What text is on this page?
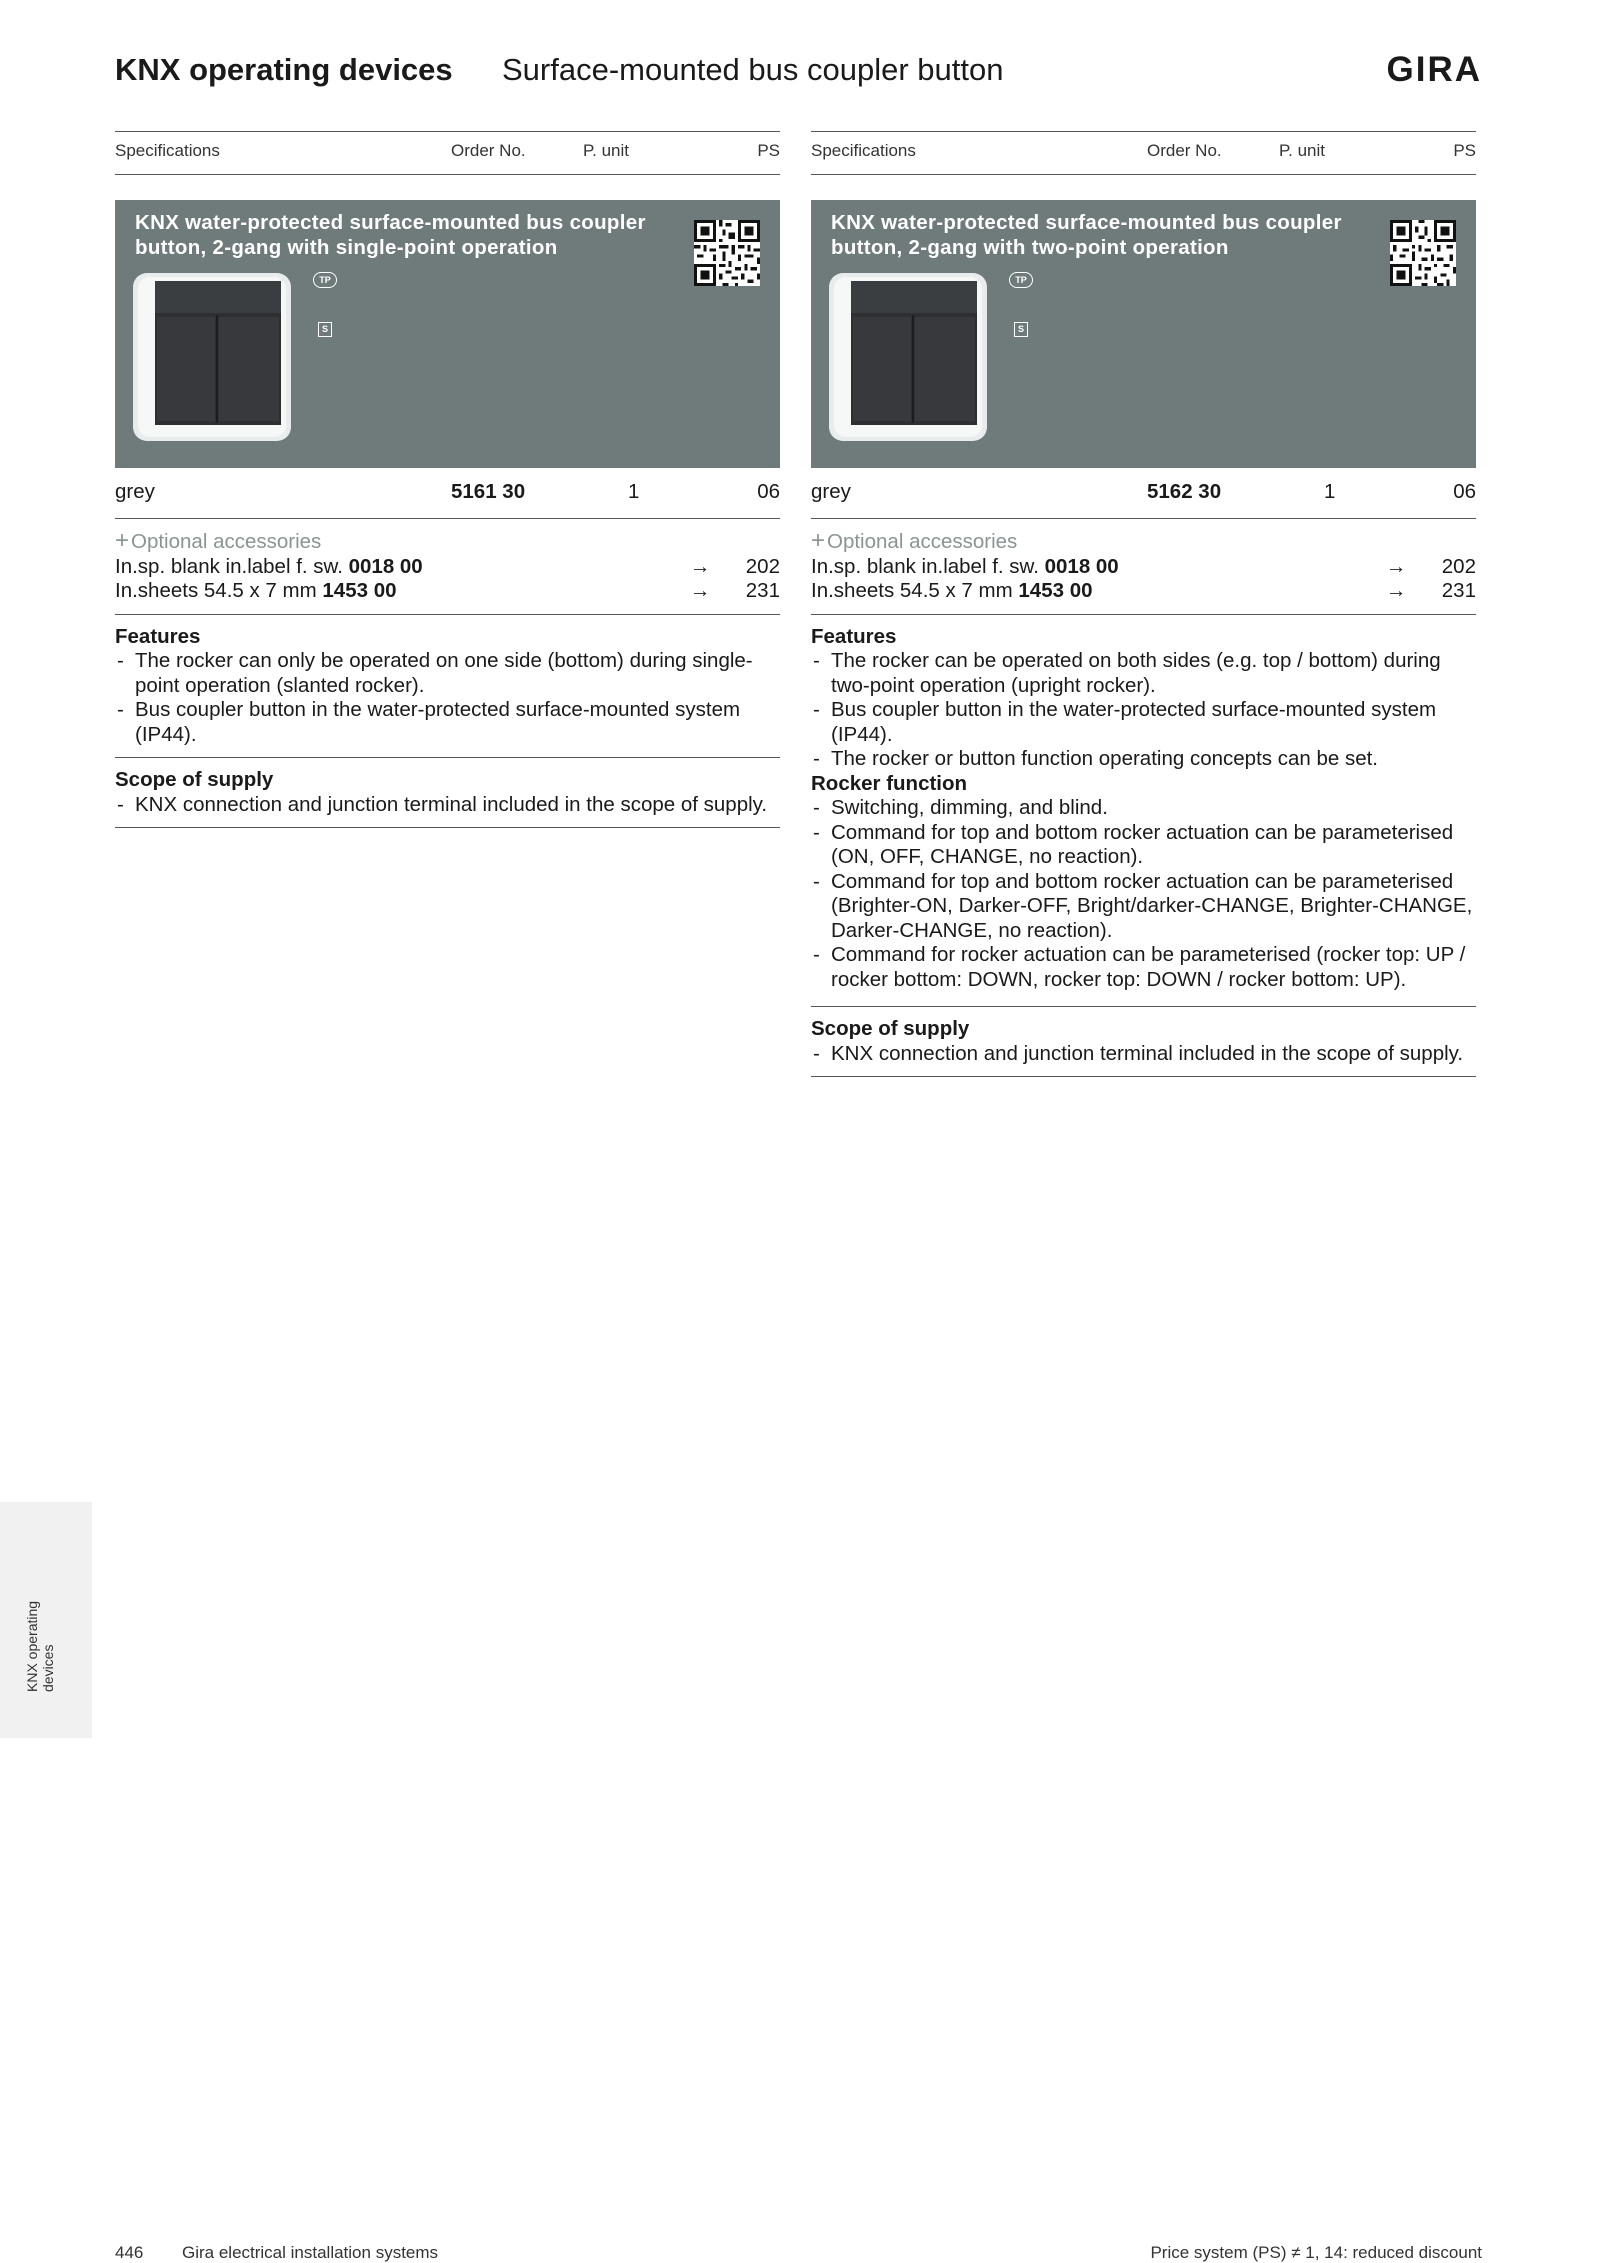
KNX operating devices Surface-mounted bus coupler button	GIRA
Specifications	Order No.	P. unit	PS
KNX water-protected surface-mounted bus coupler
button, 2-gang with single-point operation
TP
S
grey	5161 30	1	06
+Optional accessories
In.sp. blank in.label f. sw. 0018 00	→ 202
In.sheets 54.5 x 7 mm 1453 00	→ 231
Features
- The rocker can only be operated on one side (bottom) during single-point operation (slanted rocker).
- Bus coupler button in the water-protected surface-mounted system (IP44).
Scope of supply
- KNX connection and junction terminal included in the scope of supply.
Specifications	Order No.	P. unit	PS
KNX water-protected surface-mounted bus coupler
button, 2-gang with two-point operation
TP
S
grey	5162 30	1	06
+Optional accessories
In.sp. blank in.label f. sw. 0018 00	→ 202
In.sheets 54.5 x 7 mm 1453 00	→ 231
Features
- The rocker can be operated on both sides (e.g. top / bottom) during two-point operation (upright rocker).
- Bus coupler button in the water-protected surface-mounted system (IP44).
- The rocker or button function operating concepts can be set.
Rocker function
- Switching, dimming, and blind.
- Command for top and bottom rocker actuation can be parameterised (ON, OFF, CHANGE, no reaction).
- Command for top and bottom rocker actuation can be parameterised (Brighter-ON, Darker-OFF, Bright/darker-CHANGE, Brighter-CHANGE, Darker-CHANGE, no reaction).
- Command for rocker actuation can be parameterised (rocker top: UP / rocker bottom: DOWN, rocker top: DOWN / rocker bottom: UP).
Scope of supply
- KNX connection and junction terminal included in the scope of supply.
KNX operating devices
446 Gira electrical installation systems	Price system (PS) ≠ 1, 14: reduced discount
